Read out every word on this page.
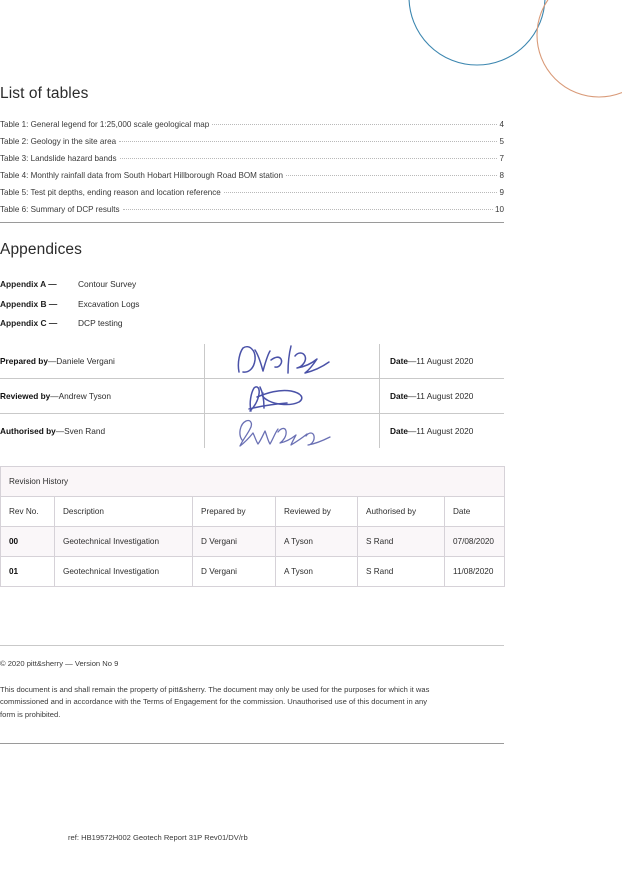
List of tables
Table 1: General legend for 1:25,000 scale geological map	4
Table 2: Geology in the site area	5
Table 3: Landslide hazard bands	7
Table 4: Monthly rainfall data from South Hobart Hillborough Road BOM station	8
Table 5: Test pit depths, ending reason and location reference	9
Table 6: Summary of DCP results	10
Appendices
Appendix A —	Contour Survey
Appendix B —	Excavation Logs
Appendix C —	DCP testing
Prepared by — Daniele Vergani	Date — 11 August 2020
Reviewed by — Andrew Tyson	Date — 11 August 2020
Authorised by — Sven Rand	Date — 11 August 2020
Revision History					
Rev No.	Description	Prepared by	Reviewed by	Authorised by	Date
00	Geotechnical Investigation	D Vergani	A Tyson	S Rand	07/08/2020
01	Geotechnical Investigation	D Vergani	A Tyson	S Rand	11/08/2020

© 2020 pitt&sherry — Version No 9

This document is and shall remain the property of pitt&sherry. The document may only be used for the purposes for which it was commissioned and in accordance with the Terms of Engagement for the commission. Unauthorised use of this document in any form is prohibited.

ref: HB19572H002 Geotech Report 31P Rev01/DV/rb
